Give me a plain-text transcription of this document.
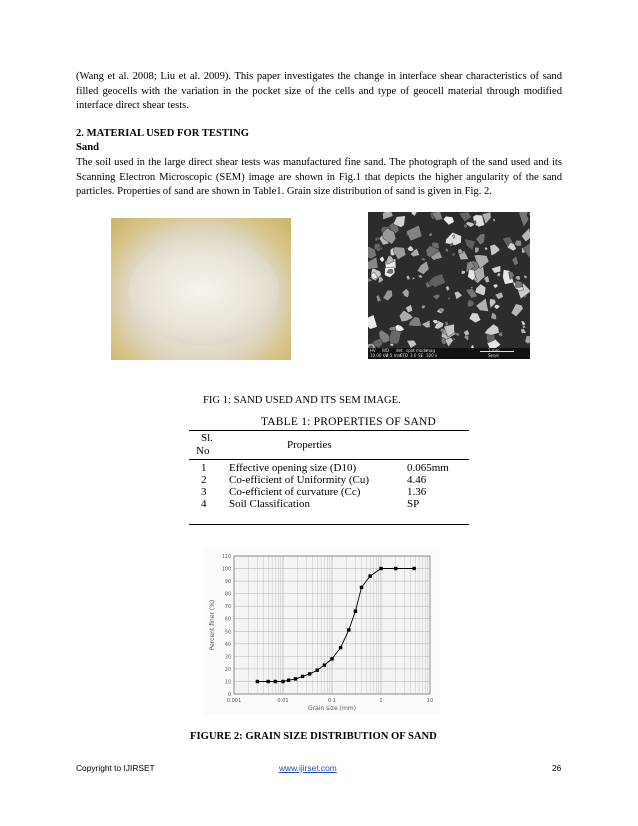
(Wang et al. 2008; Liu et al. 2009). This paper investigates the change in interface shear characteristics of sand filled geocells with the variation in the pocket size of the cells and type of geocell material through modified interface direct shear tests.

2. MATERIAL USED FOR TESTING

Sand

The soil used in the large direct shear tests was manufactured fine sand. The photograph of the sand used and its Scanning Electron Microscopic (SEM) image are shown in Fig.1 that depicts the higher angularity of the sand particles. Properties of sand are shown in Table1. Grain size distribution of sand is given in Fig. 2.

HV WD det spot mode
mag
10.00 kV
8.5 mm
ETD 3.0 SE 100 x	Sesel

FIG 1: SAND USED AND ITS SEM IMAGE.

TABLE 1: PROPERTIES OF SAND
Sl.
No	Properties
1 Effective opening size (D10)	0.065mm
2 Co-efficient of Uniformity (Cu)	4.46
3 Co-efficient of curvature (Cc)	1.36
4 Soil Classification	SP
0
10
20
30
40
50
60
70
80
90
100
110
0.001	0.01	0.1	1	10
Grain size (mm)
Percent finer (%)

FIGURE 2: GRAIN SIZE DISTRIBUTION OF SAND

Copyright to IJIRSET	www.ijirset.com	26
